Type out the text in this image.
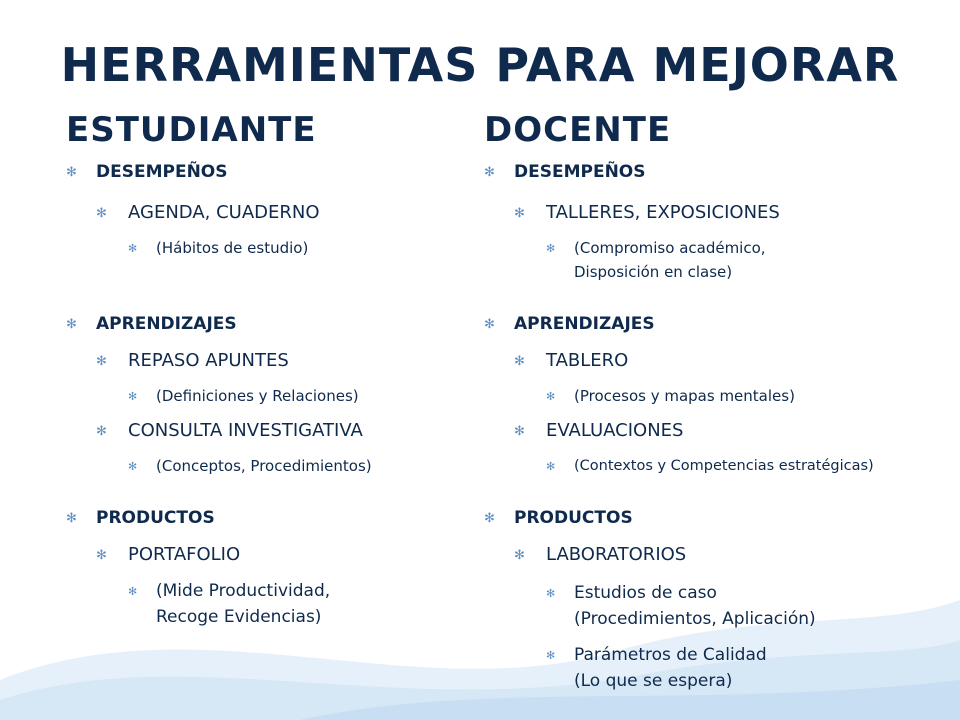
HERRAMIENTAS PARA MEJORAR
ESTUDIANTE
✻	DESEMPEÑOS
✻	AGENDA, CUADERNO
✻	(Hábitos de estudio)
✻	APRENDIZAJES
✻	REPASO APUNTES
✻	(Definiciones y Relaciones)
✻	CONSULTA INVESTIGATIVA
✻	(Conceptos, Procedimientos)
✻	PRODUCTOS
✻	PORTAFOLIO
✻	(Mide Productividad,
Recoge Evidencias)
DOCENTE
✻	DESEMPEÑOS
✻	TALLERES, EXPOSICIONES
✻	(Compromiso académico,
Disposición en clase)
✻	APRENDIZAJES
✻	TABLERO
✻	(Procesos y mapas mentales)
✻	EVALUACIONES
✻	(Contextos y Competencias estratégicas)
✻	PRODUCTOS
✻	LABORATORIOS
✻	Estudios de caso
(Procedimientos, Aplicación)
✻	Parámetros de Calidad
(Lo que se espera)
